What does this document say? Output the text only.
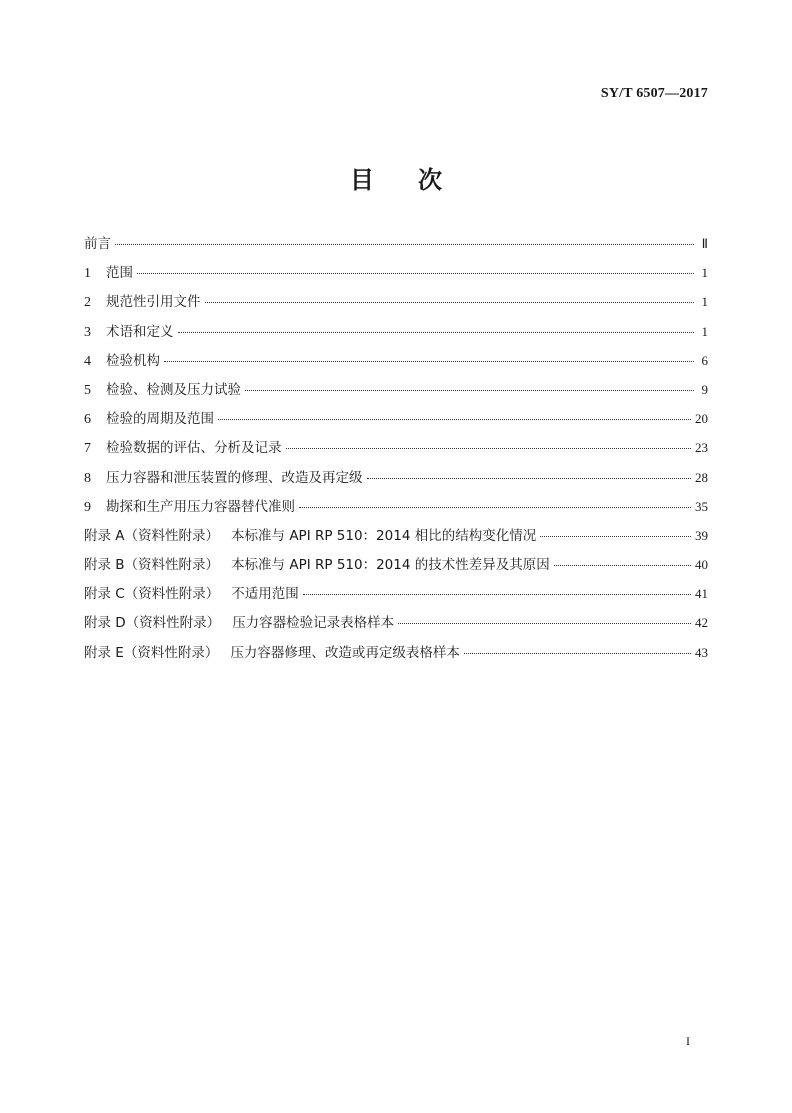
SY/T 6507—2017
目 次
前言	Ⅱ
1	范围	1
2	规范性引用文件	1
3	术语和定义	1
4	检验机构	6
5	检验、检测及压力试验	9
6	检验的周期及范围	20
7	检验数据的评估、分析及记录	23
8	压力容器和泄压装置的修理、改造及再定级	28
9	勘探和生产用压力容器替代准则	35
附录 A（资料性附录） 本标准与 API RP 510：2014 相比的结构变化情况	39
附录 B（资料性附录） 本标准与 API RP 510：2014 的技术性差异及其原因	40
附录 C（资料性附录） 不适用范围	41
附录 D（资料性附录） 压力容器检验记录表格样本	42
附录 E（资料性附录） 压力容器修理、改造或再定级表格样本	43
I
